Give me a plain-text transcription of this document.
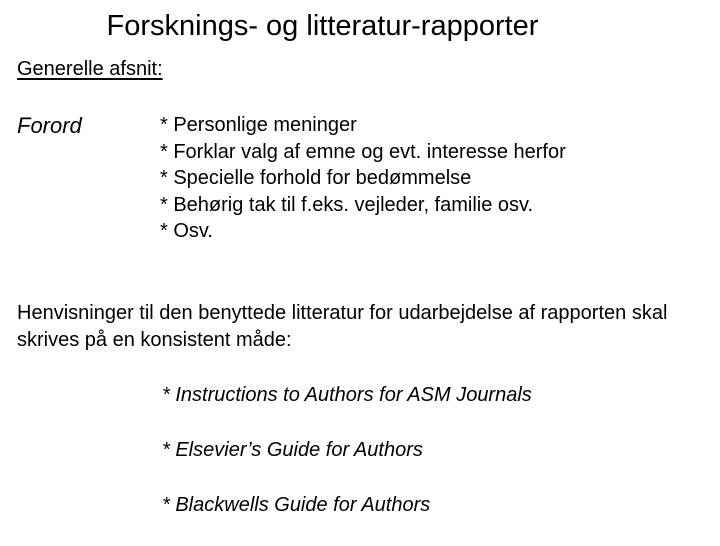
Forsknings- og litteratur-rapporter
Generelle afsnit:
Forord	* Personlige meninger
* Forklar valg af emne og evt. interesse herfor
* Specielle forhold for bedømmelse
* Behørig tak til f.eks. vejleder, familie osv.
* Osv.

Henvisninger til den benyttede litteratur for udarbejdelse af rapporten skal skrives på en konsistent måde:

* Instructions to Authors for ASM Journals
* Elsevier’s Guide for Authors
* Blackwells Guide for Authors
